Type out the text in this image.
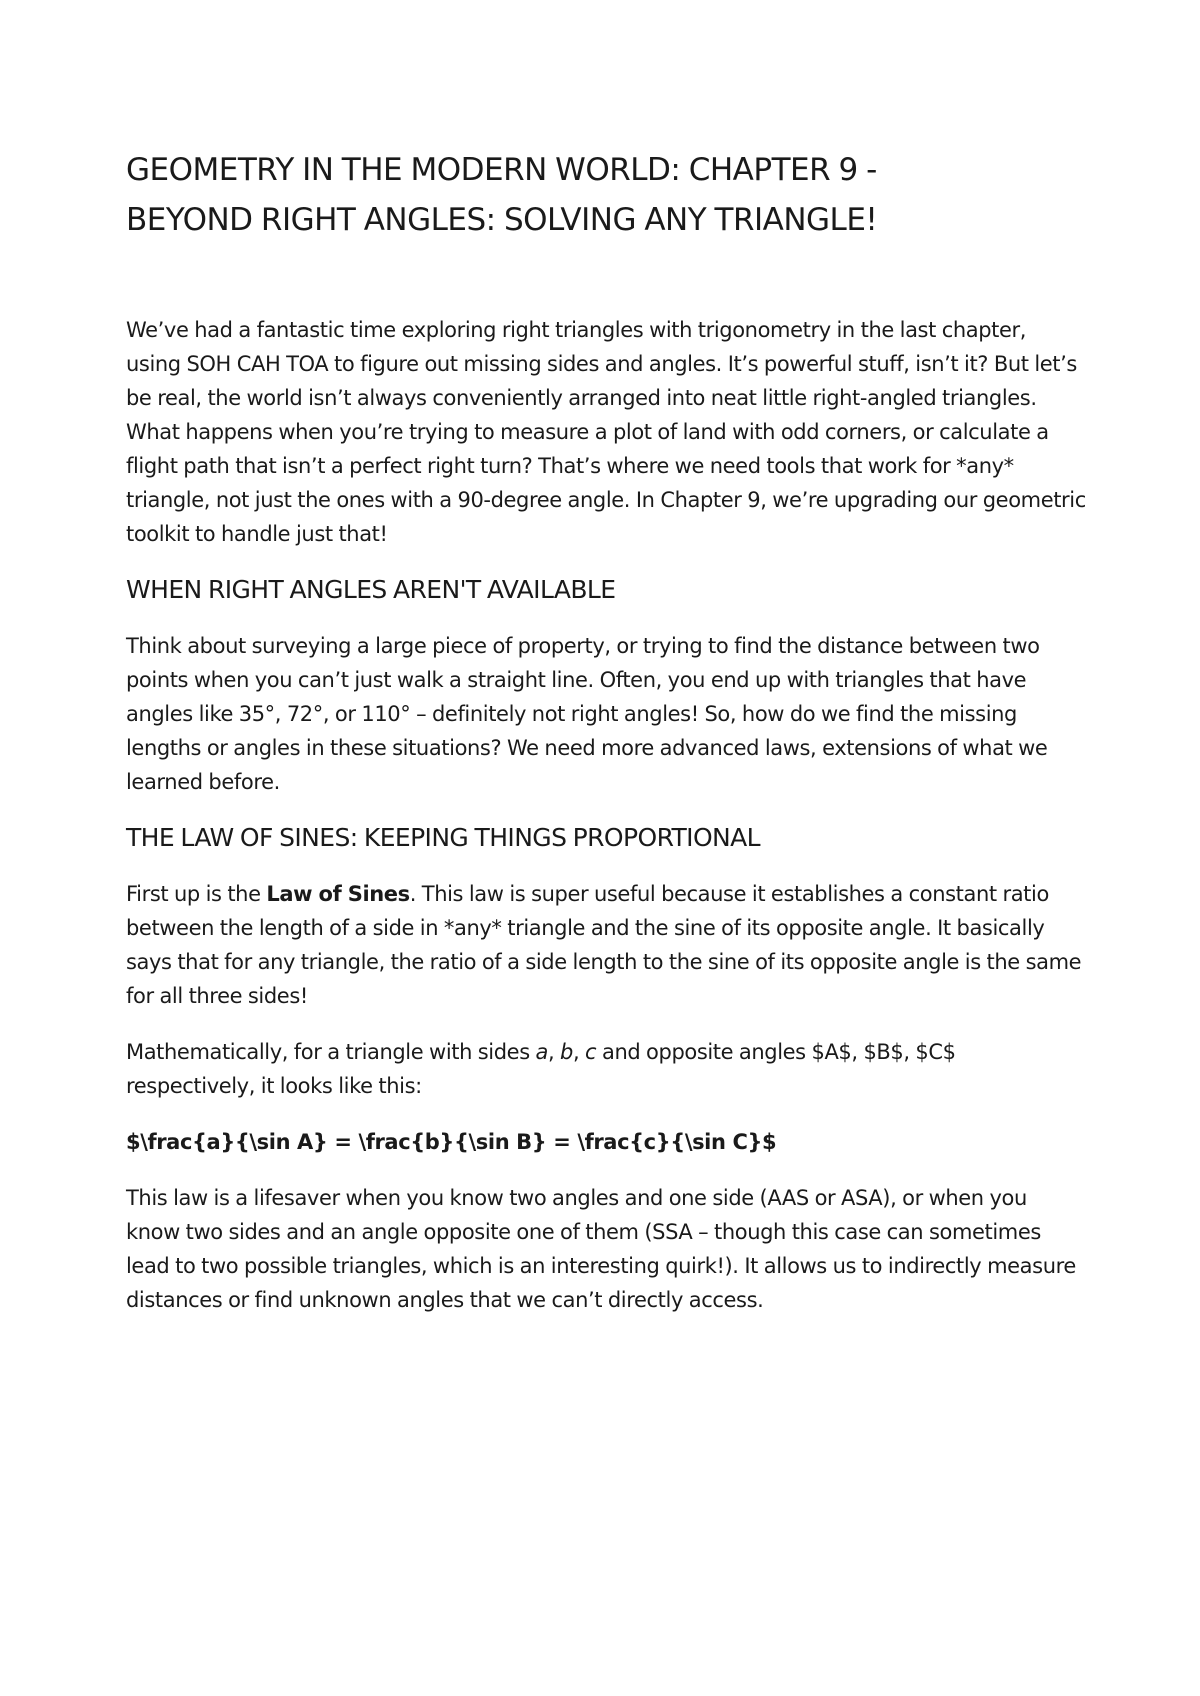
GEOMETRY IN THE MODERN WORLD: CHAPTER 9 -
BEYOND RIGHT ANGLES: SOLVING ANY TRIANGLE!

We’ve had a fantastic time exploring right triangles with trigonometry in the last chapter, using SOH CAH TOA to figure out missing sides and angles. It’s powerful stuff, isn’t it? But let’s be real, the world isn’t always conveniently arranged into neat little right-angled triangles. What happens when you’re trying to measure a plot of land with odd corners, or calculate a flight path that isn’t a perfect right turn? That’s where we need tools that work for *any* triangle, not just the ones with a 90-degree angle. In Chapter 9, we’re upgrading our geometric toolkit to handle just that!

WHEN RIGHT ANGLES AREN'T AVAILABLE

Think about surveying a large piece of property, or trying to find the distance between two points when you can’t just walk a straight line. Often, you end up with triangles that have angles like 35°, 72°, or 110° – definitely not right angles! So, how do we find the missing lengths or angles in these situations? We need more advanced laws, extensions of what we learned before.

THE LAW OF SINES: KEEPING THINGS PROPORTIONAL

First up is the Law of Sines. This law is super useful because it establishes a constant ratio between the length of a side in *any* triangle and the sine of its opposite angle. It basically says that for any triangle, the ratio of a side length to the sine of its opposite angle is the same for all three sides!

Mathematically, for a triangle with sides a, b, c and opposite angles $A$, $B$, $C$ respectively, it looks like this:

$\frac{a}{\sin A} = \frac{b}{\sin B} = \frac{c}{\sin C}$

This law is a lifesaver when you know two angles and one side (AAS or ASA), or when you know two sides and an angle opposite one of them (SSA – though this case can sometimes lead to two possible triangles, which is an interesting quirk!). It allows us to indirectly measure distances or find unknown angles that we can’t directly access.
